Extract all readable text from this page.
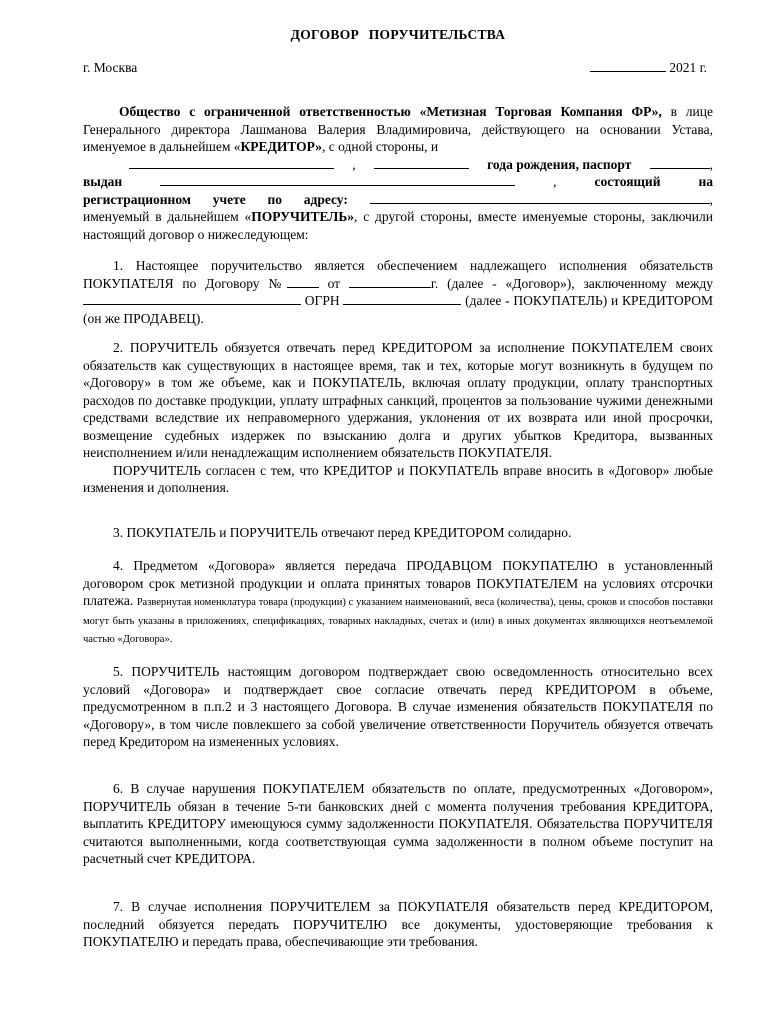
ДОГОВОР ПОРУЧИТЕЛЬСТВА
г. Москва	2021 г.

Общество с ограниченной ответственностью «Метизная Торговая Компания ФР», в лице Генерального директора Лашманова Валерия Владимировича, действующего на основании Устава, именуемое в дальнейшем «КРЕДИТОР», с одной стороны, и

,	года рождения, паспорт	,
выдан	,	состоящий	на
регистрационном учете по адресу:	,

именуемый в дальнейшем «ПОРУЧИТЕЛЬ», с другой стороны, вместе именуемые стороны, заключили настоящий договор о нижеследующем:

1. Настоящее поручительство является обеспечением надлежащего исполнения обязательств ПОКУПАТЕЛЯ по Договору № от	г. (далее - «Договор»), заключенному между  ОГРН	(далее - ПОКУПАТЕЛЬ) и КРЕДИТОРОМ (он же ПРОДАВЕЦ).

2. ПОРУЧИТЕЛЬ обязуется отвечать перед КРЕДИТОРОМ за исполнение ПОКУПАТЕЛЕМ своих обязательств как существующих в настоящее время, так и тех, которые могут возникнуть в будущем по «Договору» в том же объеме, как и ПОКУПАТЕЛЬ, включая оплату продукции, оплату транспортных расходов по доставке продукции, уплату штрафных санкций, процентов за пользование чужими денежными средствами вследствие их неправомерного удержания, уклонения от их возврата или иной просрочки, возмещение судебных издержек по взысканию долга и других убытков Кредитора, вызванных неисполнением и/или ненадлежащим исполнением обязательств ПОКУПАТЕЛЯ.

ПОРУЧИТЕЛЬ согласен с тем, что КРЕДИТОР и ПОКУПАТЕЛЬ вправе вносить в «Договор» любые изменения и дополнения.

3. ПОКУПАТЕЛЬ и ПОРУЧИТЕЛЬ отвечают перед КРЕДИТОРОМ солидарно.

4. Предметом «Договора» является передача ПРОДАВЦОМ ПОКУПАТЕЛЮ в установленный договором срок метизной продукции и оплата принятых товаров ПОКУПАТЕЛЕМ на условиях отсрочки платежа. Развернутая номенклатура товара (продукции) с указанием наименований, веса (количества), цены, сроков и способов поставки могут быть указаны в приложениях, спецификациях, товарных накладных, счетах и (или) в иных документах являющихся неотъемлемой частью «Договора».

5. ПОРУЧИТЕЛЬ настоящим договором подтверждает свою осведомленность относительно всех условий «Договора» и подтверждает свое согласие отвечать перед КРЕДИТОРОМ в объеме, предусмотренном в п.п.2 и 3 настоящего Договора. В случае изменения обязательств ПОКУПАТЕЛЯ по «Договору», в том числе повлекшего за собой увеличение ответственности Поручитель обязуется отвечать перед Кредитором на измененных условиях.

6. В случае нарушения ПОКУПАТЕЛЕМ обязательств по оплате, предусмотренных «Договором», ПОРУЧИТЕЛЬ обязан в течение 5-ти банковских дней с момента получения требования КРЕДИТОРА, выплатить КРЕДИТОРУ имеющуюся сумму задолженности ПОКУПАТЕЛЯ. Обязательства ПОРУЧИТЕЛЯ считаются выполненными, когда соответствующая сумма задолженности в полном объеме поступит на расчетный счет КРЕДИТОРА.

7. В случае исполнения ПОРУЧИТЕЛЕМ за ПОКУПАТЕЛЯ обязательств перед КРЕДИТОРОМ, последний обязуется передать ПОРУЧИТЕЛЮ все документы, удостоверяющие требования к ПОКУПАТЕЛЮ и передать права, обеспечивающие эти требования.
